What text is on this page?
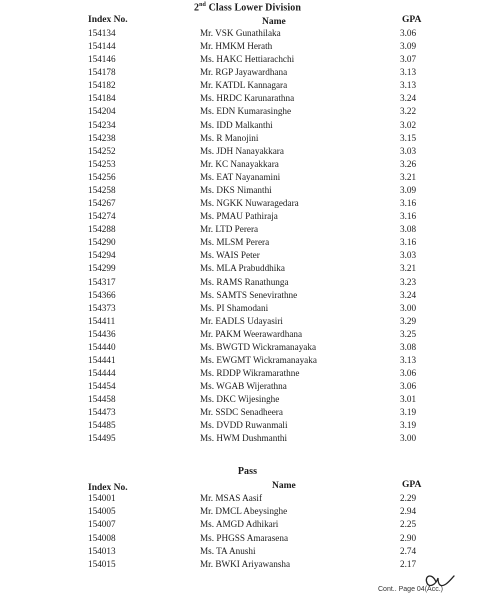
2nd Class Lower Division
Index No.	Name	GPA
154134	Mr. VSK Gunathilaka	3.06
154144	Mr. HMKM Herath	3.09
154146	Ms. HAKC Hettiarachchi	3.07
154178	Mr. RGP Jayawardhana	3.13
154182	Mr. KATDL Kannagara	3.13
154184	Ms. HRDC Karunarathna	3.24
154204	Ms. EDN Kumarasinghe	3.22
154234	Ms. IDD Malkanthi	3.02
154238	Ms. R Manojini	3.15
154252	Ms. JDH Nanayakkara	3.03
154253	Mr. KC Nanayakkara	3.26
154256	Ms. EAT Nayanamini	3.21
154258	Ms. DKS Nimanthi	3.09
154267	Ms. NGKK Nuwaragedara	3.16
154274	Ms. PMAU Pathiraja	3.16
154288	Mr. LTD Perera	3.08
154290	Ms. MLSM Perera	3.16
154294	Ms. WAIS Peter	3.03
154299	Ms. MLA Prabuddhika	3.21
154317	Ms. RAMS Ranathunga	3.23
154366	Ms. SAMTS Senevirathne	3.24
154373	Ms. PI Shamodani	3.00
154411	Mr. EADLS Udayasiri	3.29
154436	Mr. PAKM Weerawardhana	3.25
154440	Ms. BWGTD Wickramanayaka	3.08
154441	Ms. EWGMT Wickramanayaka	3.13
154444	Ms. RDDP Wikramarathne	3.06
154454	Ms. WGAB Wijerathna	3.06
154458	Ms. DKC Wijesinghe	3.01
154473	Mr. SSDC Senadheera	3.19
154485	Ms. DVDD Ruwanmali	3.19
154495	Ms. HWM Dushmanthi	3.00
Pass
Index No.	Name	GPA
154001	Mr. MSAS Aasif	2.29
154005	Mr. DMCL Abeysinghe	2.94
154007	Ms. AMGD Adhikari	2.25
154008	Ms. PHGSS Amarasena	2.90
154013	Ms. TA Anushi	2.74
154015	Mr. BWKI Ariyawansha	2.17
Cont.. Page 04(Acc.)
